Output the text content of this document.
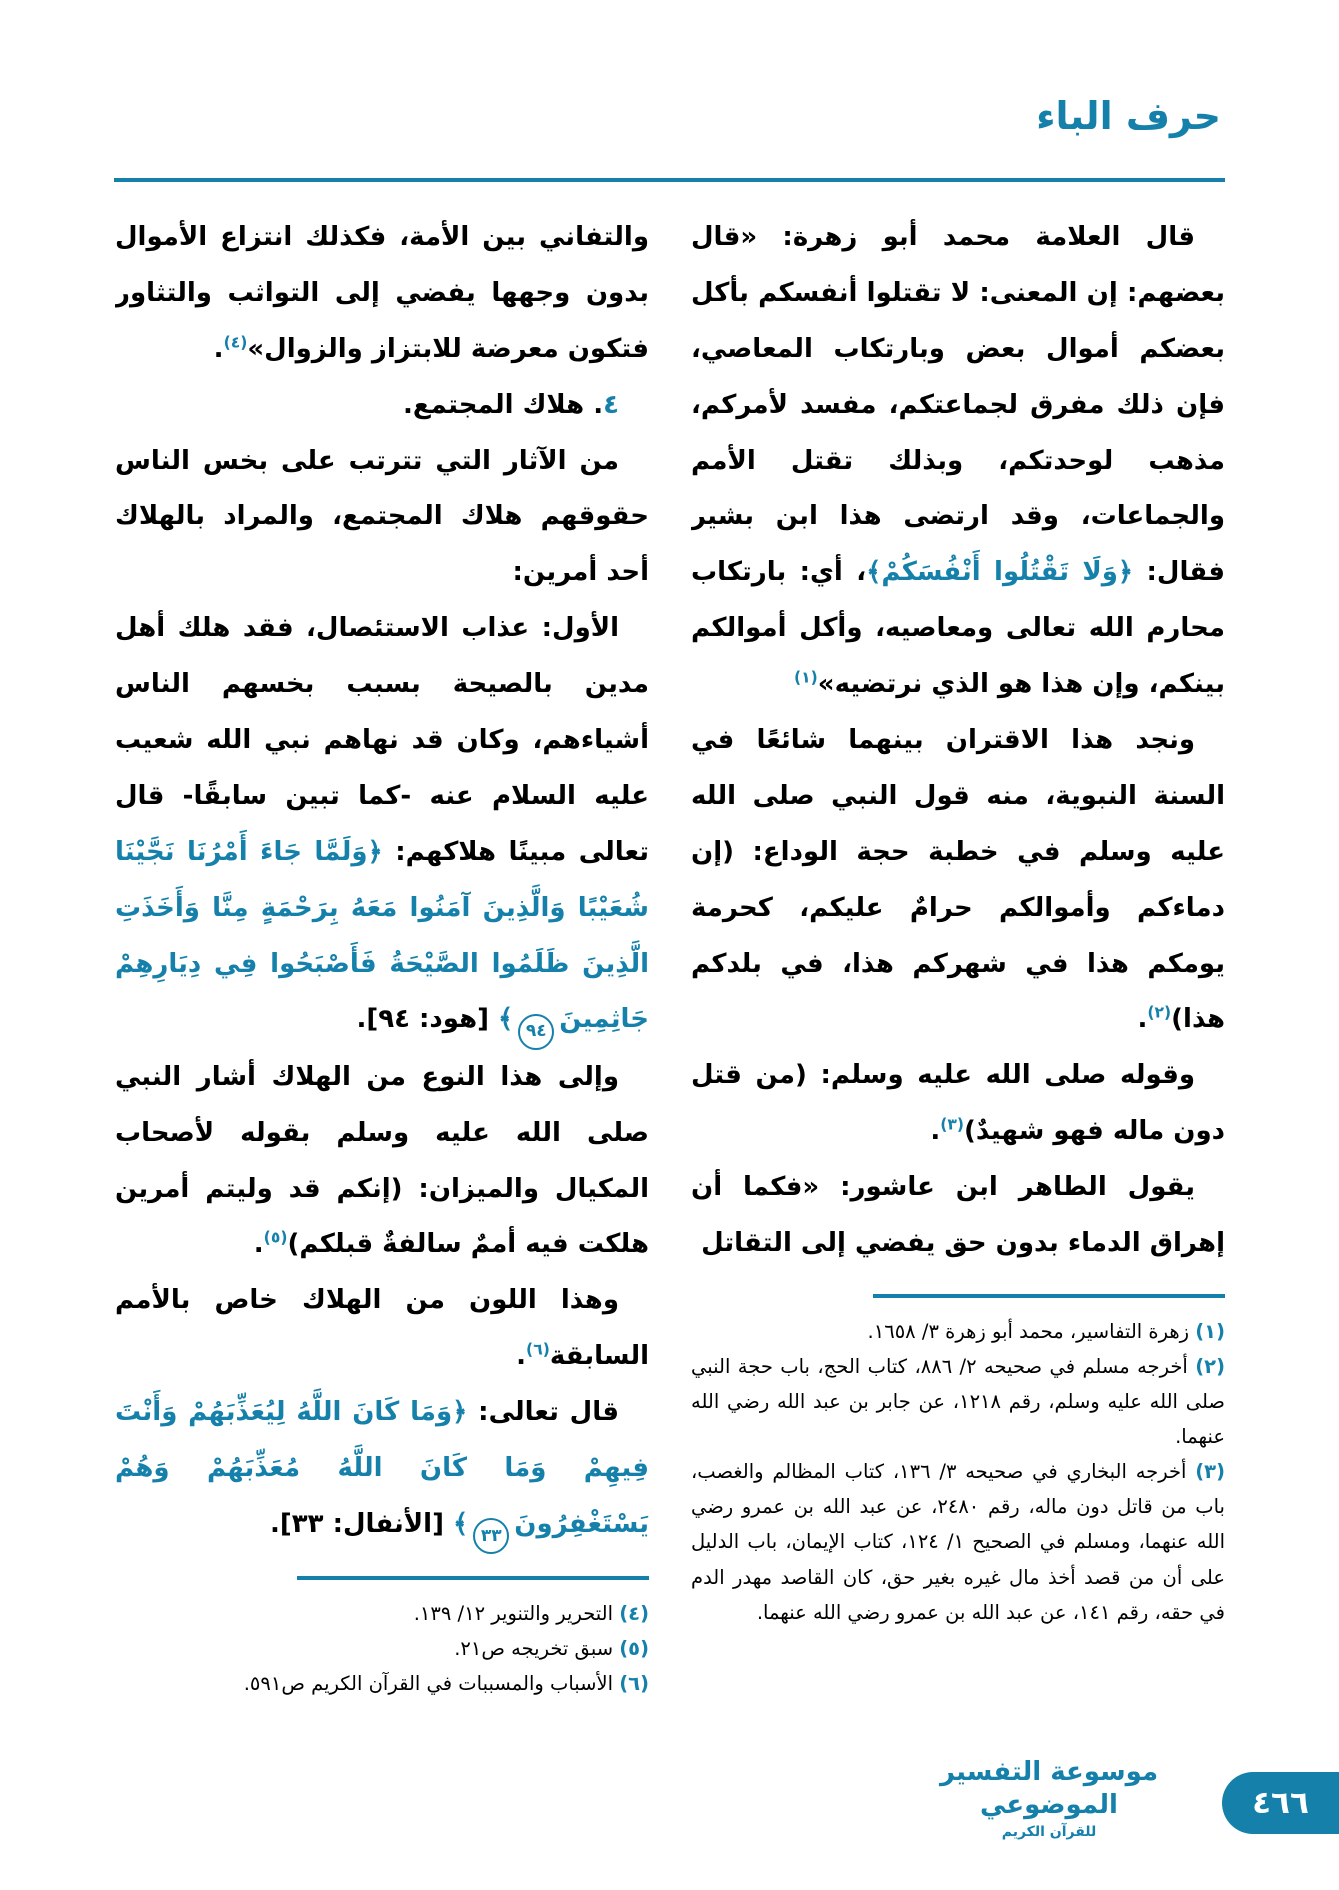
حرف الباء

قال العلامة محمد أبو زهرة: «قال بعضهم: إن المعنى: لا تقتلوا أنفسكم بأكل بعضكم أموال بعض وبارتكاب المعاصي، فإن ذلك مفرق لجماعتكم، مفسد لأمركم، مذهب لوحدتكم، وبذلك تقتل الأمم والجماعات، وقد ارتضى هذا ابن بشير فقال: ﴿وَلَا تَقْتُلُوا أَنْفُسَكُمْ﴾، أي: بارتكاب محارم الله تعالى ومعاصيه، وأكل أموالكم بينكم، وإن هذا هو الذي نرتضيه»$^{(١)}$

ونجد هذا الاقتران بينهما شائعًا في السنة النبوية، منه قول النبي صلى الله عليه وسلم في خطبة حجة الوداع: (إن دماءكم وأموالكم حرامٌ عليكم، كحرمة يومكم هذا في شهركم هذا، في بلدكم هذا)$^{(٢)}$.

وقوله صلى الله عليه وسلم: (من قتل دون ماله فهو شهيدٌ)$^{(٣)}$.

يقول الطاهر ابن عاشور: «فكما أن إهراق الدماء بدون حق يفضي إلى التقاتل

(١) زهرة التفاسير، محمد أبو زهرة ٣/ ١٦٥٨.

(٢) أخرجه مسلم في صحيحه ٢/ ٨٨٦، كتاب الحج، باب حجة النبي صلى الله عليه وسلم، رقم ١٢١٨، عن جابر بن عبد الله رضي الله عنهما.

(٣) أخرجه البخاري في صحيحه ٣/ ١٣٦، كتاب المظالم والغصب، باب من قاتل دون ماله، رقم ٢٤٨٠، عن عبد الله بن عمرو رضي الله عنهما، ومسلم في الصحيح ١/ ١٢٤، كتاب الإيمان، باب الدليل على أن من قصد أخذ مال غيره بغير حق، كان القاصد مهدر الدم في حقه، رقم ١٤١، عن عبد الله بن عمرو رضي الله عنهما.

والتفاني بين الأمة، فكذلك انتزاع الأموال بدون وجهها يفضي إلى التواثب والتثاور فتكون معرضة للابتزاز والزوال»$^{(٤)}$.

٤. هلاك المجتمع.

من الآثار التي تترتب على بخس الناس حقوقهم هلاك المجتمع، والمراد بالهلاك أحد أمرين:

الأول: عذاب الاستئصال، فقد هلك أهل مدين بالصيحة بسبب بخسهم الناس أشياءهم، وكان قد نهاهم نبي الله شعيب عليه السلام عنه -كما تبين سابقًا- قال تعالى مبينًا هلاكهم: ﴿وَلَمَّا جَاءَ أَمْرُنَا نَجَّيْنَا شُعَيْبًا وَالَّذِينَ آمَنُوا مَعَهُ بِرَحْمَةٍ مِنَّا وَأَخَذَتِ الَّذِينَ ظَلَمُوا الصَّيْحَةُ فَأَصْبَحُوا فِي دِيَارِهِمْ جَاثِمِينَ٩٤﴾ [هود: ٩٤].

وإلى هذا النوع من الهلاك أشار النبي صلى الله عليه وسلم بقوله لأصحاب المكيال والميزان: (إنكم قد وليتم أمرين هلكت فيه أممٌ سالفةٌ قبلكم)$^{(٥)}$.

وهذا اللون من الهلاك خاص بالأمم السابقة$^{(٦)}$.

قال تعالى: ﴿وَمَا كَانَ اللَّهُ لِيُعَذِّبَهُمْ وَأَنْتَ فِيهِمْ وَمَا كَانَ اللَّهُ مُعَذِّبَهُمْ وَهُمْ يَسْتَغْفِرُونَ٣٣﴾ [الأنفال: ٣٣].

(٤) التحرير والتنوير ١٢/ ١٣٩.

(٥) سبق تخريجه ص٢١.

(٦) الأسباب والمسببات في القرآن الكريم ص٥٩١.

موسوعة التفسير الموضوعي
للقرآن الكريم
٤٦٦
